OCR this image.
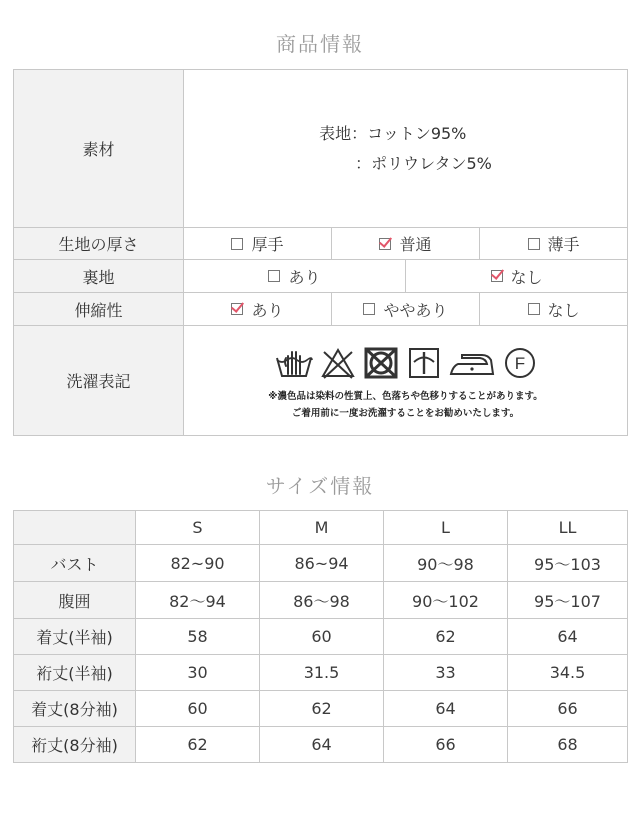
商品情報
素材	表地：コットン95%
：ポリウレタン5%			

生地の厚さ	厚手	普通		薄手

裏地	あり		なし	

伸縮性	あり	ややあり		なし

洗濯表記	F
※濃色品は染料の性質上、色落ちや色移りすることがあります。
ご着用前に一度お洗濯することをお勧めいたします。			
サイズ情報
	S	M	L	LL
バスト	82~90	86~94	90〜98	95〜103
腹囲	82〜94	86〜98	90〜102	95〜107
着丈(半袖)	58	60	62	64
裄丈(半袖)	30	31.5	33	34.5
着丈(8分袖)	60	62	64	66
裄丈(8分袖)	62	64	66	68
